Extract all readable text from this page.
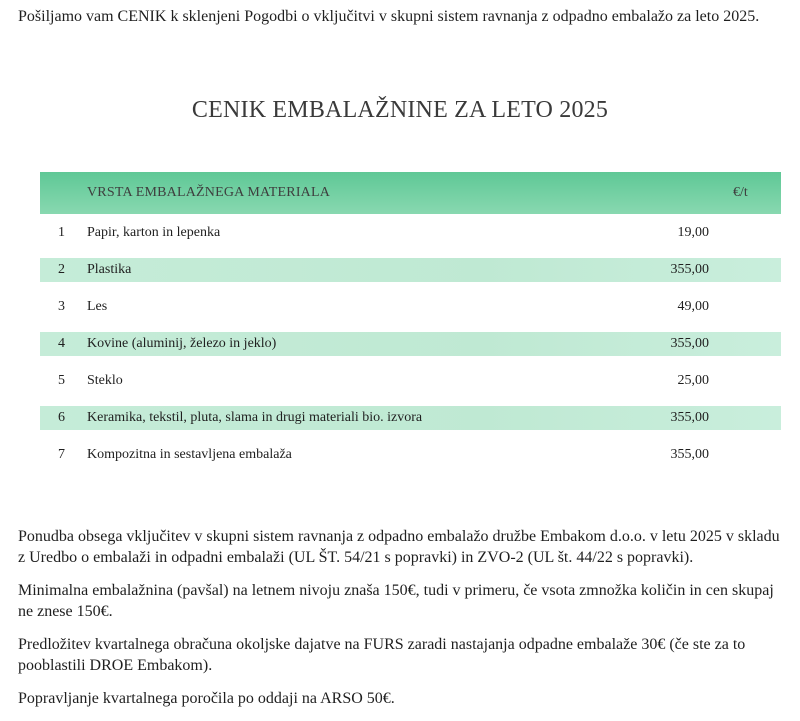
Pošiljamo vam CENIK k sklenjeni Pogodbi o vključitvi v skupni sistem ravnanja z odpadno embalažo za leto 2025.
CENIK EMBALAŽNINE ZA LETO 2025
VRSTA EMBALAŽNEGA MATERIALA	€/t
1	Papir, karton in lepenka	19,00
2	Plastika	355,00
3	Les	49,00
4	Kovine (aluminij, železo in jeklo)	355,00
5	Steklo	25,00
6	Keramika, tekstil, pluta, slama in drugi materiali bio. izvora	355,00
7	Kompozitna in sestavljena embalaža	355,00

Ponudba obsega vključitev v skupni sistem ravnanja z odpadno embalažo družbe Embakom d.o.o. v letu 2025 v skladu z Uredbo o embalaži in odpadni embalaži (UL ŠT. 54/21 s popravki) in ZVO-2 (UL št. 44/22 s popravki).

Minimalna embalažnina (pavšal) na letnem nivoju znaša 150€, tudi v primeru, če vsota zmnožka količin in cen skupaj ne znese 150€.

Predložitev kvartalnega obračuna okoljske dajatve na FURS zaradi nastajanja odpadne embalaže 30€ (če ste za to pooblastili DROE Embakom).

Popravljanje kvartalnega poročila po oddaji na ARSO 50€.
